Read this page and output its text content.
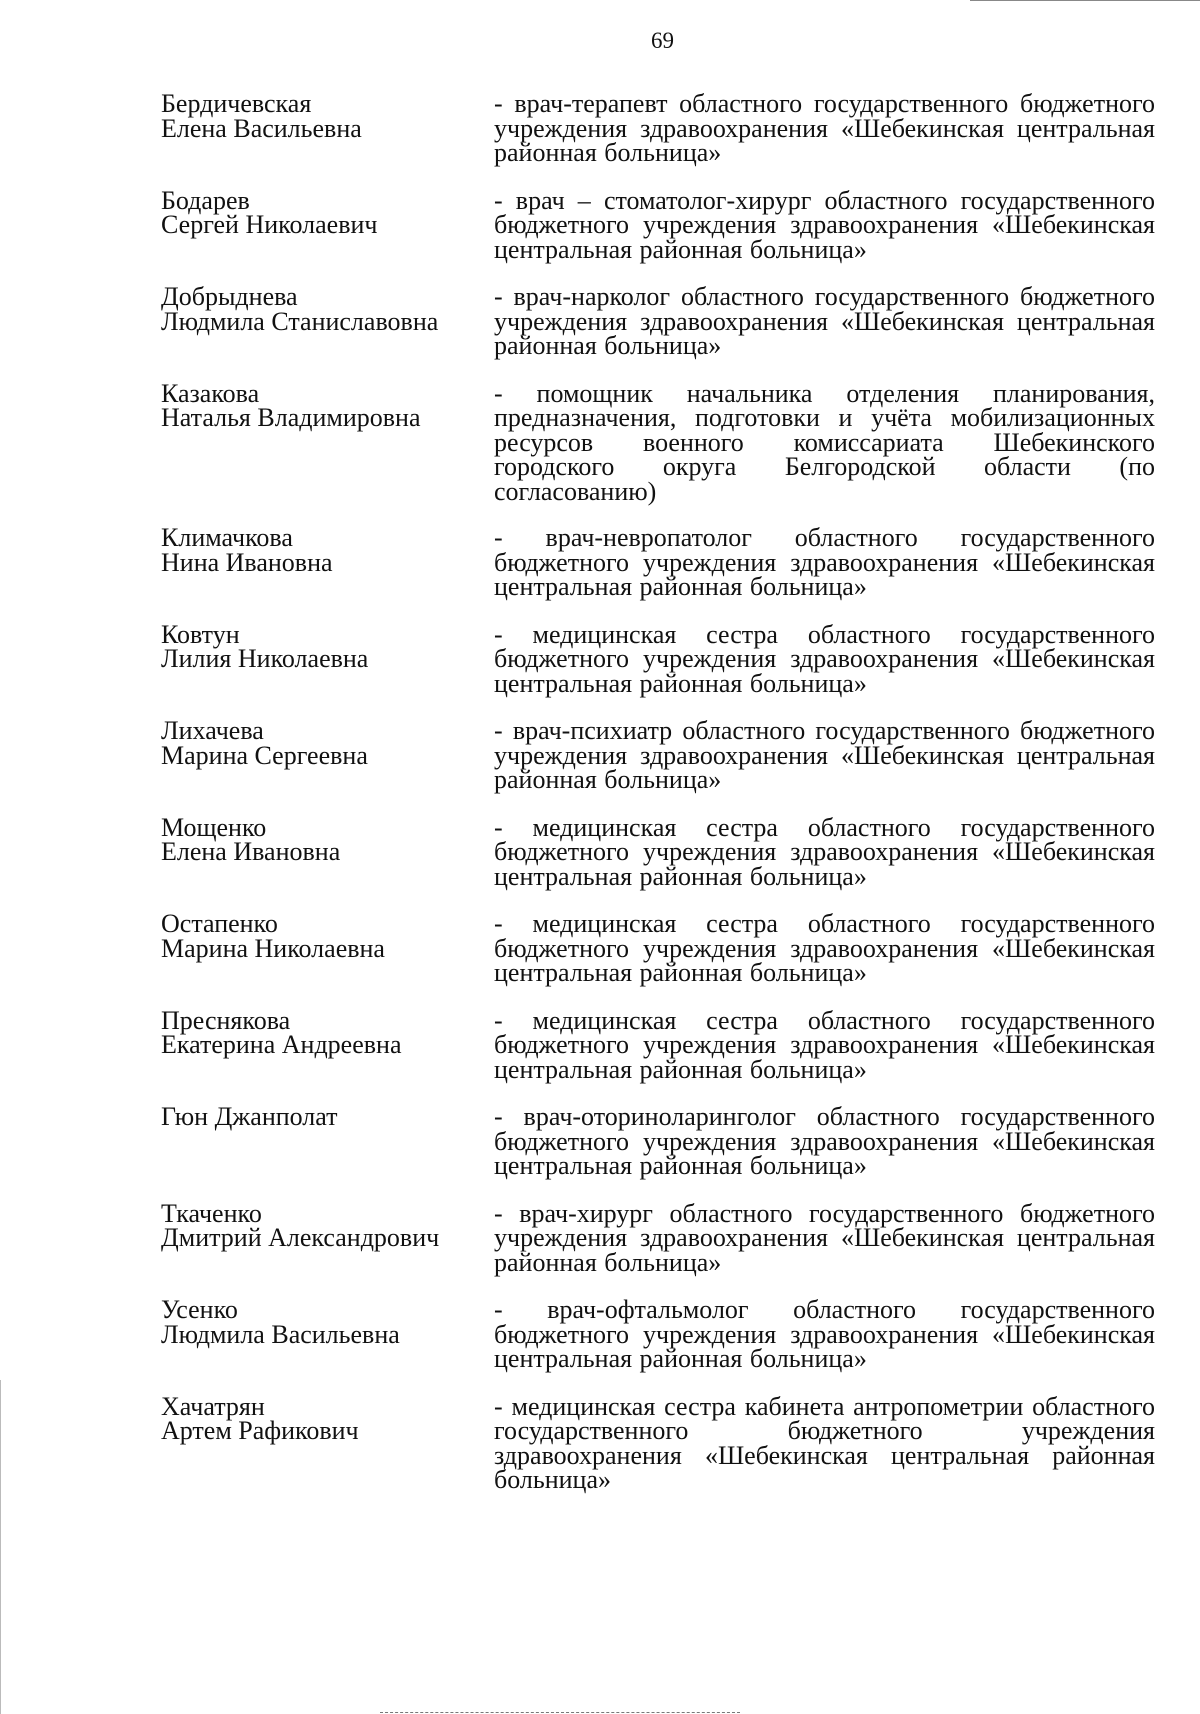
69
Бердичевская
Елена Васильевна
- врач-терапевт областного государственного бюджетного учреждения здравоохранения «Шебекинская центральная районная больница»
Бодарев
Сергей Николаевич
- врач – стоматолог-хирург областного государственного бюджетного учреждения здравоохранения «Шебекинская центральная районная больница»
Добрыднева
Людмила Станиславовна
- врач-нарколог областного государственного бюджетного учреждения здравоохранения «Шебекинская центральная районная больница»
Казакова
Наталья Владимировна
- помощник начальника отделения планирования, предназначения, подготовки и учёта мобилизационных ресурсов военного комиссариата Шебекинского городского округа Белгородской области (по согласованию)
Климачкова
Нина Ивановна
- врач-невропатолог областного государственного бюджетного учреждения здравоохранения «Шебекинская центральная районная больница»
Ковтун
Лилия Николаевна
- медицинская сестра областного государственного бюджетного учреждения здравоохранения «Шебекинская центральная районная больница»
Лихачева
Марина Сергеевна
- врач-психиатр областного государственного бюджетного учреждения здравоохранения «Шебекинская центральная районная больница»
Мощенко
Елена Ивановна
- медицинская сестра областного государственного бюджетного учреждения здравоохранения «Шебекинская центральная районная больница»
Остапенко
Марина Николаевна
- медицинская сестра областного государственного бюджетного учреждения здравоохранения «Шебекинская центральная районная больница»
Преснякова
Екатерина Андреевна
- медицинская сестра областного государственного бюджетного учреждения здравоохранения «Шебекинская центральная районная больница»
Гюн Джанполат	- врач-оториноларинголог областного государственного бюджетного учреждения здравоохранения «Шебекинская центральная районная больница»
Ткаченко
Дмитрий Александрович
- врач-хирург областного государственного бюджетного учреждения здравоохранения «Шебекинская центральная районная больница»
Усенко
Людмила Васильевна
- врач-офтальмолог областного государственного бюджетного учреждения здравоохранения «Шебекинская центральная районная больница»
Хачатрян
Артем Рафикович
- медицинская сестра кабинета антропометрии областного государственного бюджетного учреждения здравоохранения «Шебекинская центральная районная больница»
